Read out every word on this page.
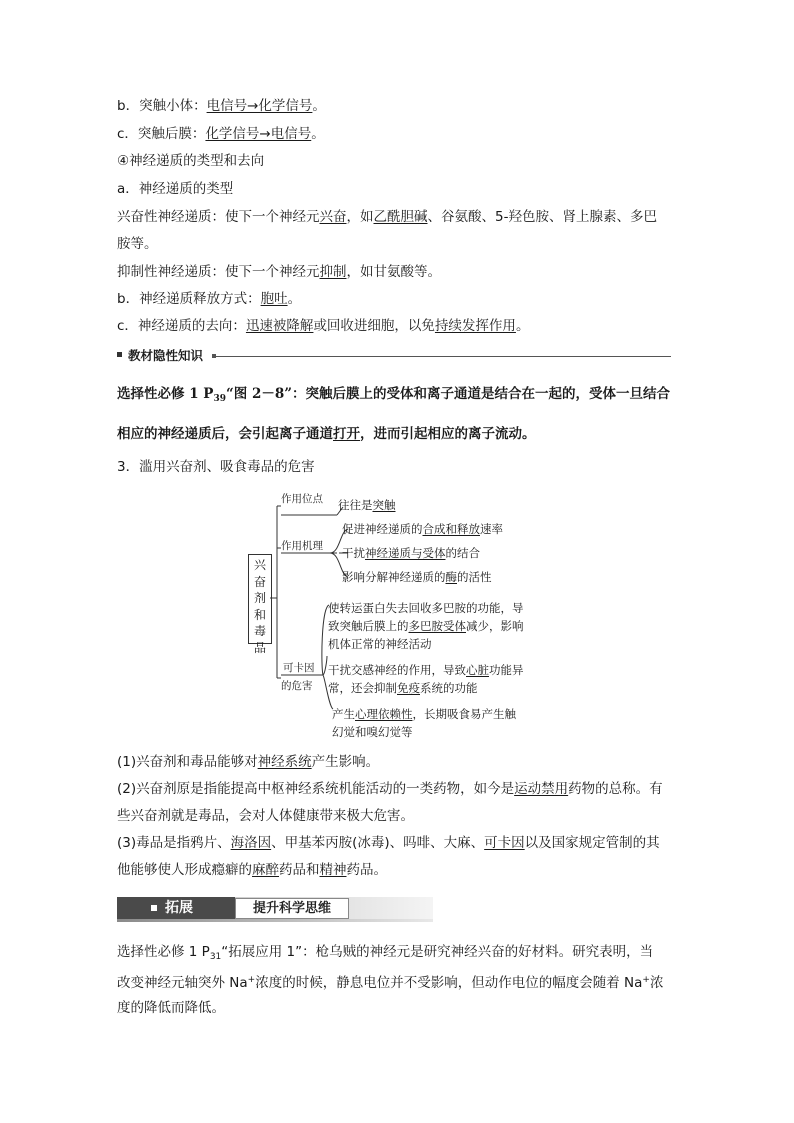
b．突触小体：电信号→化学信号。
c．突触后膜：化学信号→电信号。
④神经递质的类型和去向
a．神经递质的类型
兴奋性神经递质：使下一个神经元兴奋，如乙酰胆碱、谷氨酸、5-羟色胺、肾上腺素、多巴
胺等。
抑制性神经递质：使下一个神经元抑制，如甘氨酸等。
b．神经递质释放方式：胞吐。
c．神经递质的去向：迅速被降解或回收进细胞，以免持续发挥作用。
教材隐性知识
选择性必修 1 $P_{39}“$图 2－8”：突触后膜上的受体和离子通道是结合在一起的，受体一旦结合
相应的神经递质后，会引起离子通道打开，进而引起相应的离子流动。
3．滥用兴奋剂、吸食毒品的危害
兴奋剂和毒品
作用位点 往往是突触
作用机理
促进神经递质的合成和释放速率
干扰神经递质与受体的结合
影响分解神经递质的酶的活性
可卡因
的危害
使转运蛋白失去回收多巴胺的功能，导
致突触后膜上的多巴胺受体减少，影响
机体正常的神经活动
干扰交感神经的作用，导致心脏功能异
常，还会抑制免疫系统的功能
产生心理依赖性，长期吸食易产生触
幻觉和嗅幻觉等
(1)兴奋剂和毒品能够对神经系统产生影响。
(2)兴奋剂原是指能提高中枢神经系统机能活动的一类药物，如今是运动禁用药物的总称。有
些兴奋剂就是毒品，会对人体健康带来极大危害。
(3)毒品是指鸦片、海洛因、甲基苯丙胺(冰毒)、吗啡、大麻、可卡因以及国家规定管制的其
他能够使人形成瘾癖的麻醉药品和精神药品。
拓展	提升科学思维
选择性必修 1 $P_{31}“$拓展应用 1”：枪乌贼的神经元是研究神经兴奋的好材料。研究表明，当
改变神经元轴突外 Na+浓度的时候，静息电位并不受影响，但动作电位的幅度会随着 Na+浓
度的降低而降低。
